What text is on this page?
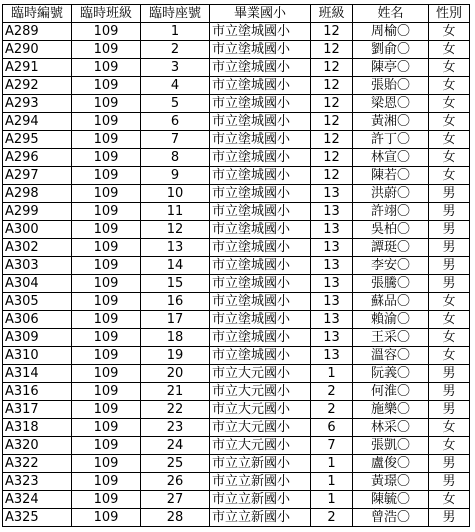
臨時編號	臨時班級	臨時座號	畢業國小	班級	姓名	性別
A289	109	1	市立塗城國小	12	周榆〇	女
A290	109	2	市立塗城國小	12	劉俞〇	女
A291	109	3	市立塗城國小	12	陳亭〇	女
A292	109	4	市立塗城國小	12	張貽〇	女
A293	109	5	市立塗城國小	12	梁恩〇	女
A294	109	6	市立塗城國小	12	黃湘〇	女
A295	109	7	市立塗城國小	12	許丁〇	女
A296	109	8	市立塗城國小	12	林宣〇	女
A297	109	9	市立塗城國小	12	陳若〇	女
A298	109	10	市立塗城國小	13	洪蔚〇	男
A299	109	11	市立塗城國小	13	許翊〇	男
A300	109	12	市立塗城國小	13	吳柏〇	男
A302	109	13	市立塗城國小	13	譚珽〇	男
A303	109	14	市立塗城國小	13	李安〇	男
A304	109	15	市立塗城國小	13	張騰〇	男
A305	109	16	市立塗城國小	13	蘇品〇	女
A306	109	17	市立塗城國小	13	賴渝〇	女
A309	109	18	市立塗城國小	13	王采〇	女
A310	109	19	市立塗城國小	13	溫容〇	女
A314	109	20	市立大元國小	1	阮義〇	男
A316	109	21	市立大元國小	2	何淮〇	男
A317	109	22	市立大元國小	2	施樂〇	男
A318	109	23	市立大元國小	6	林采〇	女
A320	109	24	市立大元國小	7	張凱〇	女
A322	109	25	市立立新國小	1	盧俊〇	男
A323	109	26	市立立新國小	1	黃璟〇	男
A324	109	27	市立立新國小	1	陳毓〇	女
A325	109	28	市立立新國小	2	曾浩〇	男
